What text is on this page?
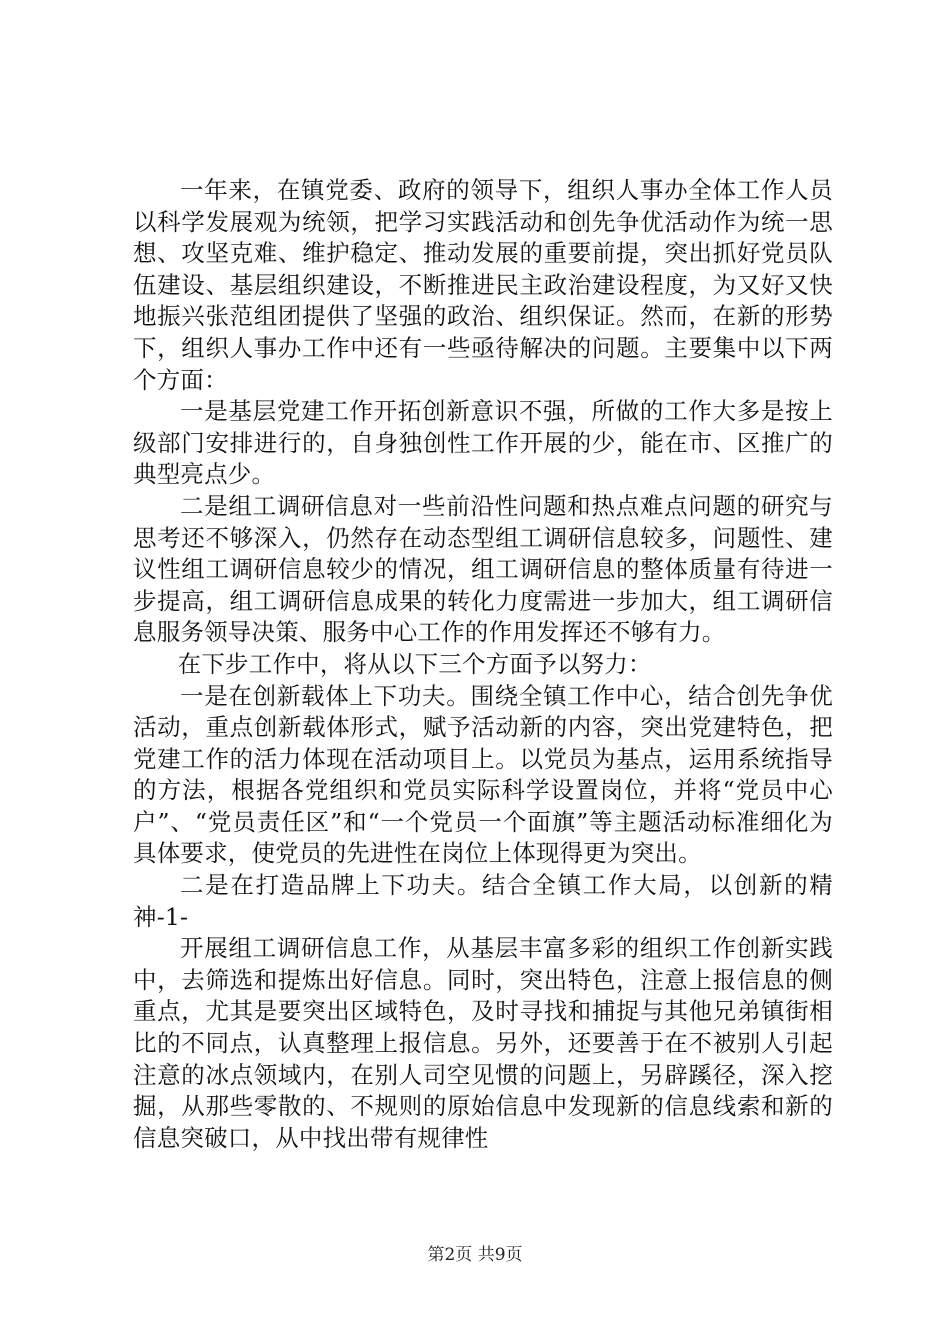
一年来，在镇党委、政府的领导下，组织人事办全体工作人员以科学发展观为统领，把学习实践活动和创先争优活动作为统一思想、攻坚克难、维护稳定、推动发展的重要前提，突出抓好党员队伍建设、基层组织建设，不断推进民主政治建设程度，为又好又快地振兴张范组团提供了坚强的政治、组织保证。然而，在新的形势下，组织人事办工作中还有一些亟待解决的问题。主要集中以下两个方面：

一是基层党建工作开拓创新意识不强，所做的工作大多是按上级部门安排进行的，自身独创性工作开展的少，能在市、区推广的典型亮点少。

二是组工调研信息对一些前沿性问题和热点难点问题的研究与思考还不够深入，仍然存在动态型组工调研信息较多，问题性、建议性组工调研信息较少的情况，组工调研信息的整体质量有待进一步提高，组工调研信息成果的转化力度需进一步加大，组工调研信息服务领导决策、服务中心工作的作用发挥还不够有力。

在下步工作中，将从以下三个方面予以努力：

一是在创新载体上下功夫。围绕全镇工作中心，结合创先争优活动，重点创新载体形式，赋予活动新的内容，突出党建特色，把党建工作的活力体现在活动项目上。以党员为基点，运用系统指导的方法，根据各党组织和党员实际科学设置岗位，并将“党员中心户”、“党员责任区”和“一个党员一个面旗”等主题活动标准细化为具体要求，使党员的先进性在岗位上体现得更为突出。

二是在打造品牌上下功夫。结合全镇工作大局，以创新的精神-1-

开展组工调研信息工作，从基层丰富多彩的组织工作创新实践中，去筛选和提炼出好信息。同时，突出特色，注意上报信息的侧重点，尤其是要突出区域特色，及时寻找和捕捉与其他兄弟镇街相比的不同点，认真整理上报信息。另外，还要善于在不被别人引起注意的冰点领域内，在别人司空见惯的问题上，另辟蹊径，深入挖掘，从那些零散的、不规则的原始信息中发现新的信息线索和新的信息突破口，从中找出带有规律性

第2页 共9页
